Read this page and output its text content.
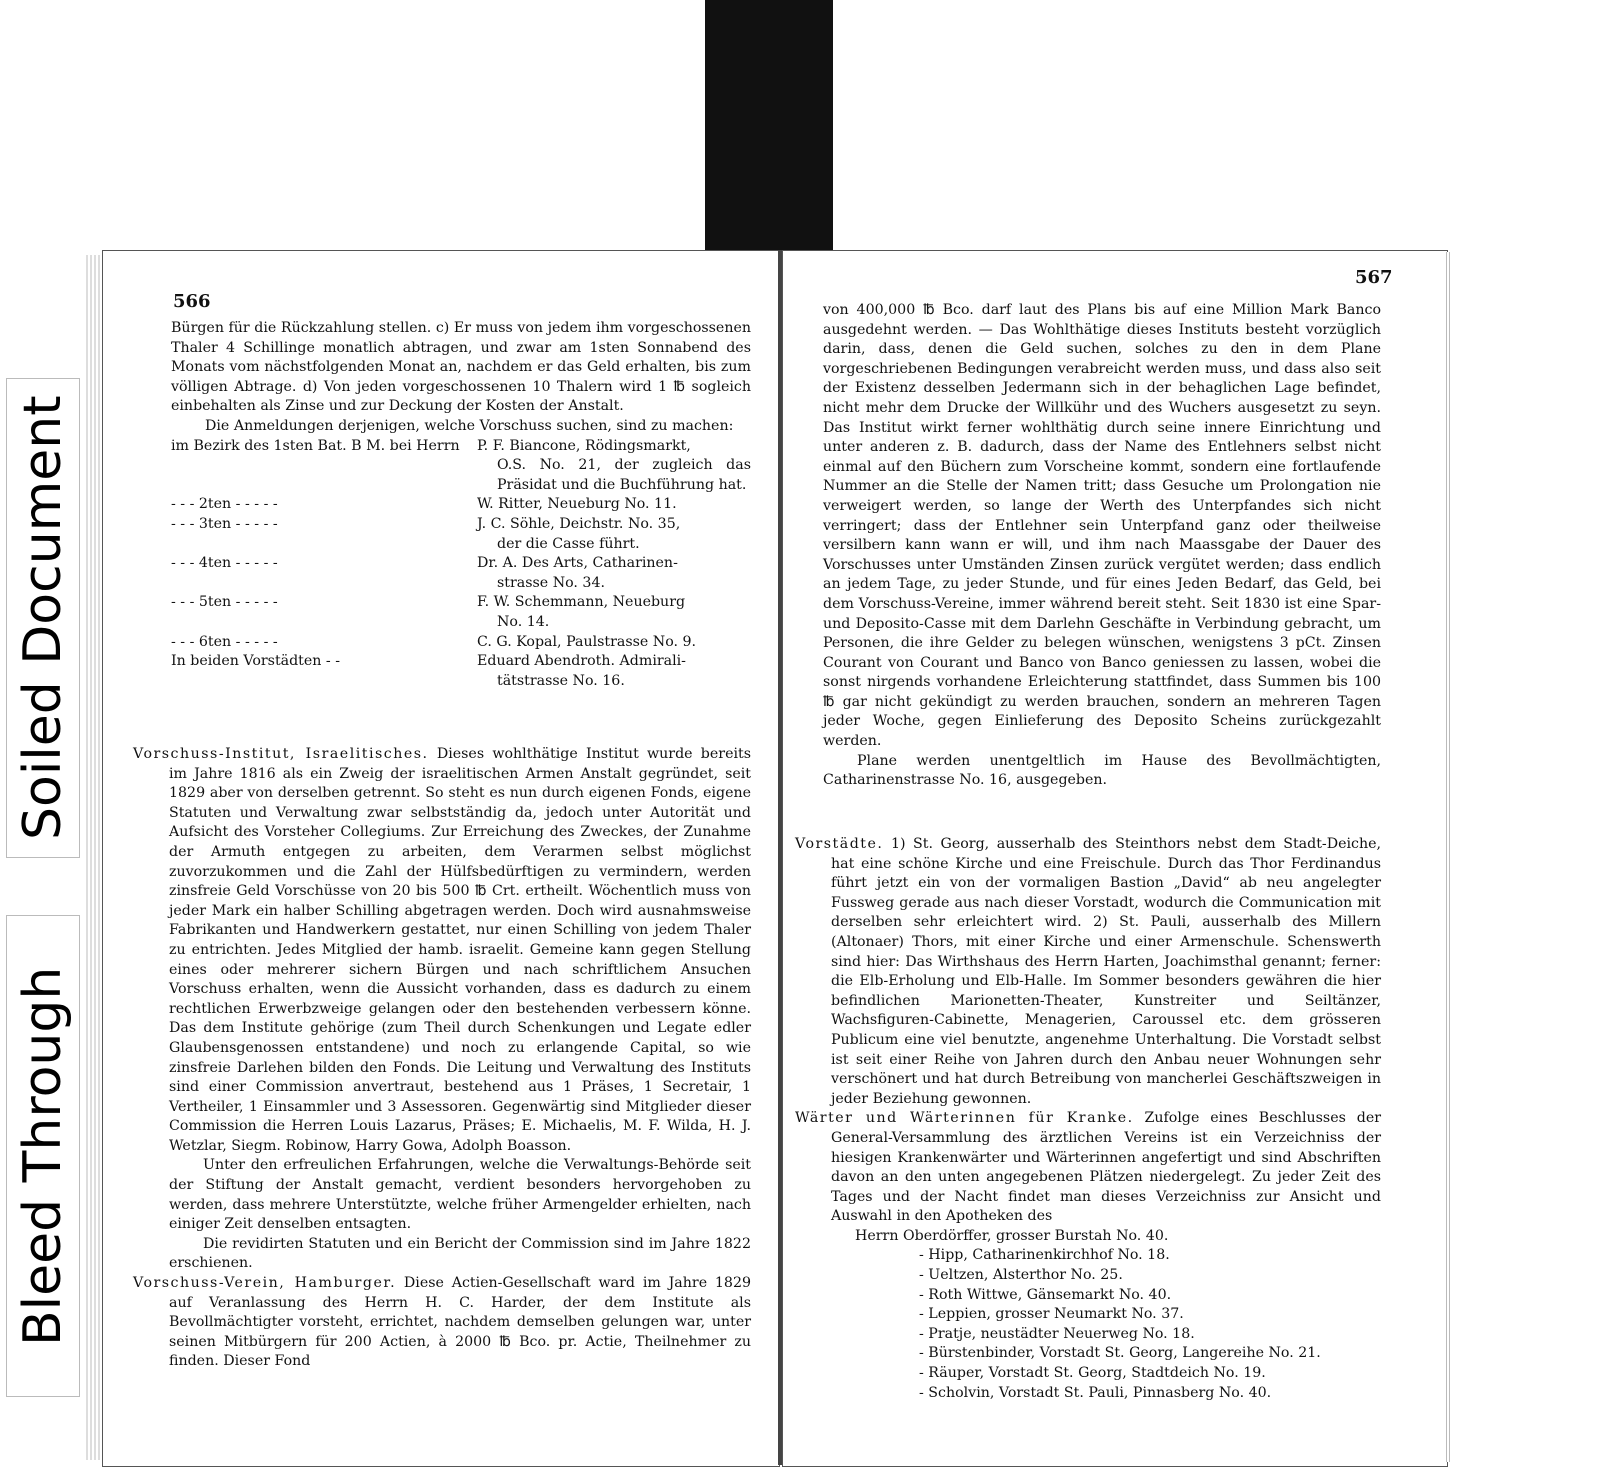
Soiled Document
Bleed Through
566

Bürgen für die Rückzahlung stellen. c) Er muss von jedem ihm vorgeschossenen Thaler 4 Schillinge monatlich abtragen, und zwar am 1sten Sonnabend des Monats vom nächstfolgenden Monat an, nachdem er das Geld erhalten, bis zum völligen Abtrage. d) Von jeden vorgeschossenen 10 Thalern wird 1 ℔ sogleich einbehalten als Zinse und zur Deckung der Kosten der Anstalt.

Die Anmeldungen derjenigen, welche Vorschuss suchen, sind zu machen:

im Bezirk des 1sten Bat. B M. bei Herrn	P. F. Biancone, Rödingsmarkt,
O.S. No. 21, der zugleich das Präsidat und die Buchführung hat.
- - - 2ten - - - - -	W. Ritter, Neueburg No. 11.
- - - 3ten - - - - -	J. C. Söhle, Deichstr. No. 35,
der die Casse führt.
- - - 4ten - - - - -	Dr. A. Des Arts, Catharinen-
strasse No. 34.
- - - 5ten - - - - -	F. W. Schemmann, Neueburg
No. 14.
- - - 6ten - - - - -	C. G. Kopal, Paulstrasse No. 9.
In beiden Vorstädten - -	Eduard Abendroth. Admirali-
tätstrasse No. 16.

Vorschuss-Institut, Israelitisches. Dieses wohlthätige Institut wurde bereits im Jahre 1816 als ein Zweig der israelitischen Armen Anstalt gegründet, seit 1829 aber von derselben getrennt. So steht es nun durch eigenen Fonds, eigene Statuten und Verwaltung zwar selbstständig da, jedoch unter Autorität und Aufsicht des Vorsteher Collegiums. Zur Erreichung des Zweckes, der Zunahme der Armuth entgegen zu arbeiten, dem Verarmen selbst möglichst zuvorzukommen und die Zahl der Hülfsbedürftigen zu vermindern, werden zinsfreie Geld Vorschüsse von 20 bis 500 ℔ Crt. ertheilt. Wöchentlich muss von jeder Mark ein halber Schilling abgetragen werden. Doch wird ausnahmsweise Fabrikanten und Handwerkern gestattet, nur einen Schilling von jedem Thaler zu entrichten. Jedes Mitglied der hamb. israelit. Gemeine kann gegen Stellung eines oder mehrerer sichern Bürgen und nach schriftlichem Ansuchen Vorschuss erhalten, wenn die Aussicht vorhanden, dass es dadurch zu einem rechtlichen Erwerbzweige gelangen oder den bestehenden verbessern könne. Das dem Institute gehörige (zum Theil durch Schenkungen und Legate edler Glaubensgenossen entstandene) und noch zu erlangende Capital, so wie zinsfreie Darlehen bilden den Fonds. Die Leitung und Verwaltung des Instituts sind einer Commission anvertraut, bestehend aus 1 Präses, 1 Secretair, 1 Vertheiler, 1 Einsammler und 3 Assessoren. Gegenwärtig sind Mitglieder dieser Commission die Herren Louis Lazarus, Präses; E. Michaelis, M. F. Wilda, H. J. Wetzlar, Siegm. Robinow, Harry Gowa, Adolph Boasson.

Unter den erfreulichen Erfahrungen, welche die Verwaltungs-Behörde seit der Stiftung der Anstalt gemacht, verdient besonders hervorgehoben zu werden, dass mehrere Unterstützte, welche früher Armengelder erhielten, nach einiger Zeit denselben entsagten.

Die revidirten Statuten und ein Bericht der Commission sind im Jahre 1822 erschienen.

Vorschuss-Verein, Hamburger. Diese Actien-Gesellschaft ward im Jahre 1829 auf Veranlassung des Herrn H. C. Harder, der dem Institute als Bevollmächtigter vorsteht, errichtet, nachdem demselben gelungen war, unter seinen Mitbürgern für 200 Actien, à 2000 ℔ Bco. pr. Actie, Theilnehmer zu finden. Dieser Fond

567

von 400,000 ℔ Bco. darf laut des Plans bis auf eine Million Mark Banco ausgedehnt werden. — Das Wohlthätige dieses Instituts besteht vorzüglich darin, dass, denen die Geld suchen, solches zu den in dem Plane vorgeschriebenen Bedingungen verabreicht werden muss, und dass also seit der Existenz desselben Jedermann sich in der behaglichen Lage befindet, nicht mehr dem Drucke der Willkühr und des Wuchers ausgesetzt zu seyn. Das Institut wirkt ferner wohlthätig durch seine innere Einrichtung und unter anderen z. B. dadurch, dass der Name des Entlehners selbst nicht einmal auf den Büchern zum Vorscheine kommt, sondern eine fortlaufende Nummer an die Stelle der Namen tritt; dass Gesuche um Prolongation nie verweigert werden, so lange der Werth des Unterpfandes sich nicht verringert; dass der Entlehner sein Unterpfand ganz oder theilweise versilbern kann wann er will, und ihm nach Maassgabe der Dauer des Vorschusses unter Umständen Zinsen zurück vergütet werden; dass endlich an jedem Tage, zu jeder Stunde, und für eines Jeden Bedarf, das Geld, bei dem Vorschuss-Vereine, immer während bereit steht. Seit 1830 ist eine Spar- und Deposito-Casse mit dem Darlehn Geschäfte in Verbindung gebracht, um Personen, die ihre Gelder zu belegen wünschen, wenigstens 3 pCt. Zinsen Courant von Courant und Banco von Banco geniessen zu lassen, wobei die sonst nirgends vorhandene Erleichterung stattfindet, dass Summen bis 100 ℔ gar nicht gekündigt zu werden brauchen, sondern an mehreren Tagen jeder Woche, gegen Einlieferung des Deposito Scheins zurückgezahlt werden.

Plane werden unentgeltlich im Hause des Bevollmächtigten, Catharinenstrasse No. 16, ausgegeben.

Vorstädte. 1) St. Georg, ausserhalb des Steinthors nebst dem Stadt-Deiche, hat eine schöne Kirche und eine Freischule. Durch das Thor Ferdinandus führt jetzt ein von der vormaligen Bastion „David“ ab neu angelegter Fussweg gerade aus nach dieser Vorstadt, wodurch die Communication mit derselben sehr erleichtert wird. 2) St. Pauli, ausserhalb des Millern (Altonaer) Thors, mit einer Kirche und einer Armenschule. Schenswerth sind hier: Das Wirthshaus des Herrn Harten, Joachimsthal genannt; ferner: die Elb-Erholung und Elb-Halle. Im Sommer besonders gewähren die hier befindlichen Marionetten-Theater, Kunstreiter und Seiltänzer, Wachsfiguren-Cabinette, Menagerien, Caroussel etc. dem grösseren Publicum eine viel benutzte, angenehme Unterhaltung. Die Vorstadt selbst ist seit einer Reihe von Jahren durch den Anbau neuer Wohnungen sehr verschönert und hat durch Betreibung von mancherlei Geschäftszweigen in jeder Beziehung gewonnen.

Wärter und Wärterinnen für Kranke. Zufolge eines Beschlusses der General-Versammlung des ärztlichen Vereins ist ein Verzeichniss der hiesigen Krankenwärter und Wärterinnen angefertigt und sind Abschriften davon an den unten angegebenen Plätzen niedergelegt. Zu jeder Zeit des Tages und der Nacht findet man dieses Verzeichniss zur Ansicht und Auswahl in den Apotheken des

Herrn Oberdörffer, grosser Burstah No. 40.
- Hipp, Catharinenkirchhof No. 18.
- Ueltzen, Alsterthor No. 25.
- Roth Wittwe, Gänsemarkt No. 40.
- Leppien, grosser Neumarkt No. 37.
- Pratje, neustädter Neuerweg No. 18.
- Bürstenbinder, Vorstadt St. Georg, Langereihe No. 21.
- Räuper, Vorstadt St. Georg, Stadtdeich No. 19.
- Scholvin, Vorstadt St. Pauli, Pinnasberg No. 40.
